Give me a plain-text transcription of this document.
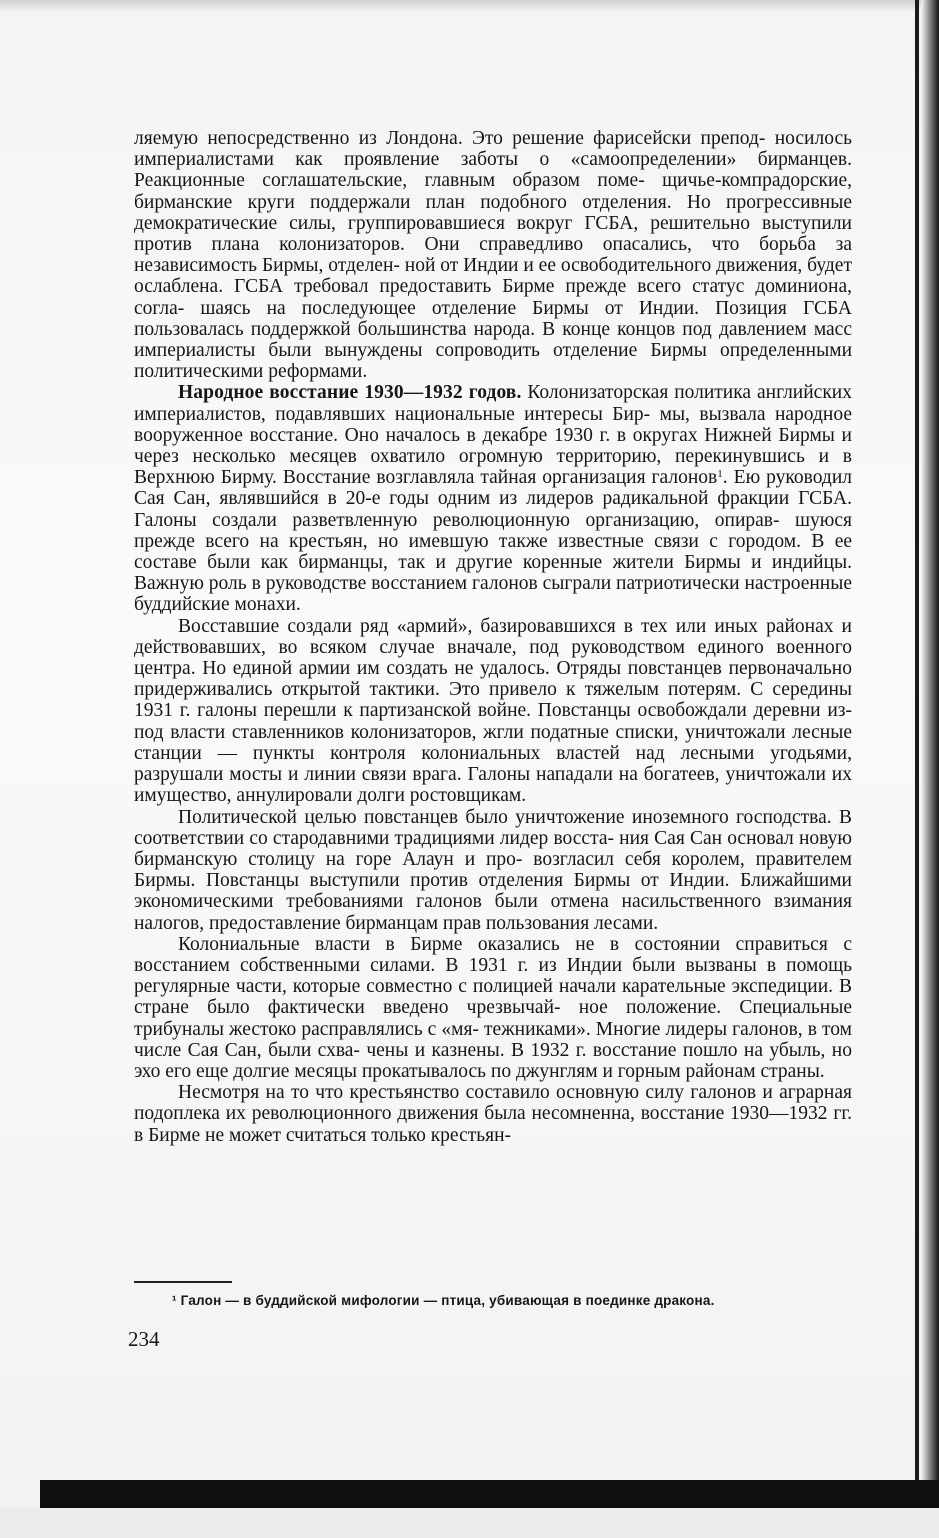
ляемую непосредственно из Лондона. Это решение фарисейски препод- носилось империалистами как проявление заботы о «самоопределении» бирманцев. Реакционные соглашательские, главным образом поме- щичье-компрадорские, бирманские круги поддержали план подобного отделения. Но прогрессивные демократические силы, группировавшиеся вокруг ГСБА, решительно выступили против плана колонизаторов. Они справедливо опасались, что борьба за независимость Бирмы, отделен- ной от Индии и ее освободительного движения, будет ослаблена. ГСБА требовал предоставить Бирме прежде всего статус доминиона, согла- шаясь на последующее отделение Бирмы от Индии. Позиция ГСБА пользовалась поддержкой большинства народа. В конце концов под давлением масс империалисты были вынуждены сопроводить отделение Бирмы определенными политическими реформами.

Народное восстание 1930—1932 годов. Колонизаторская политика английских империалистов, подавлявших национальные интересы Бир- мы, вызвала народное вооруженное восстание. Оно началось в декабре 1930 г. в округах Нижней Бирмы и через несколько месяцев охватило огромную территорию, перекинувшись и в Верхнюю Бирму. Восстание возглавляла тайная организация галонов$^1$. Ею руководил Сая Сан, являвшийся в 20-е годы одним из лидеров радикальной фракции ГСБА. Галоны создали разветвленную революционную организацию, опирав- шуюся прежде всего на крестьян, но имевшую также известные связи с городом. В ее составе были как бирманцы, так и другие коренные жители Бирмы и индийцы. Важную роль в руководстве восстанием галонов сыграли патриотически настроенные буддийские монахи.

Восставшие создали ряд «армий», базировавшихся в тех или иных районах и действовавших, во всяком случае вначале, под руководством единого военного центра. Но единой армии им создать не удалось. Отряды повстанцев первоначально придерживались открытой тактики. Это привело к тяжелым потерям. С середины 1931 г. галоны перешли к партизанской войне. Повстанцы освобождали деревни из-под власти ставленников колонизаторов, жгли податные списки, уничтожали лесные станции — пункты контроля колониальных властей над лесными угодьями, разрушали мосты и линии связи врага. Галоны нападали на богатеев, уничтожали их имущество, аннулировали долги ростовщикам.

Политической целью повстанцев было уничтожение иноземного господства. В соответствии со стародавними традициями лидер восста- ния Сая Сан основал новую бирманскую столицу на горе Алаун и про- возгласил себя королем, правителем Бирмы. Повстанцы выступили против отделения Бирмы от Индии. Ближайшими экономическими требованиями галонов были отмена насильственного взимания налогов, предоставление бирманцам прав пользования лесами.

Колониальные власти в Бирме оказались не в состоянии справиться с восстанием собственными силами. В 1931 г. из Индии были вызваны в помощь регулярные части, которые совместно с полицией начали карательные экспедиции. В стране было фактически введено чрезвычай- ное положение. Специальные трибуналы жестоко расправлялись с «мя- тежниками». Многие лидеры галонов, в том числе Сая Сан, были схва- чены и казнены. В 1932 г. восстание пошло на убыль, но эхо его еще долгие месяцы прокатывалось по джунглям и горным районам страны.

Несмотря на то что крестьянство составило основную силу галонов и аграрная подоплека их революционного движения была несомненна, восстание 1930—1932 гг. в Бирме не может считаться только крестьян-

¹ Галон — в буддийской мифологии — птица, убивающая в поединке дракона.
234
